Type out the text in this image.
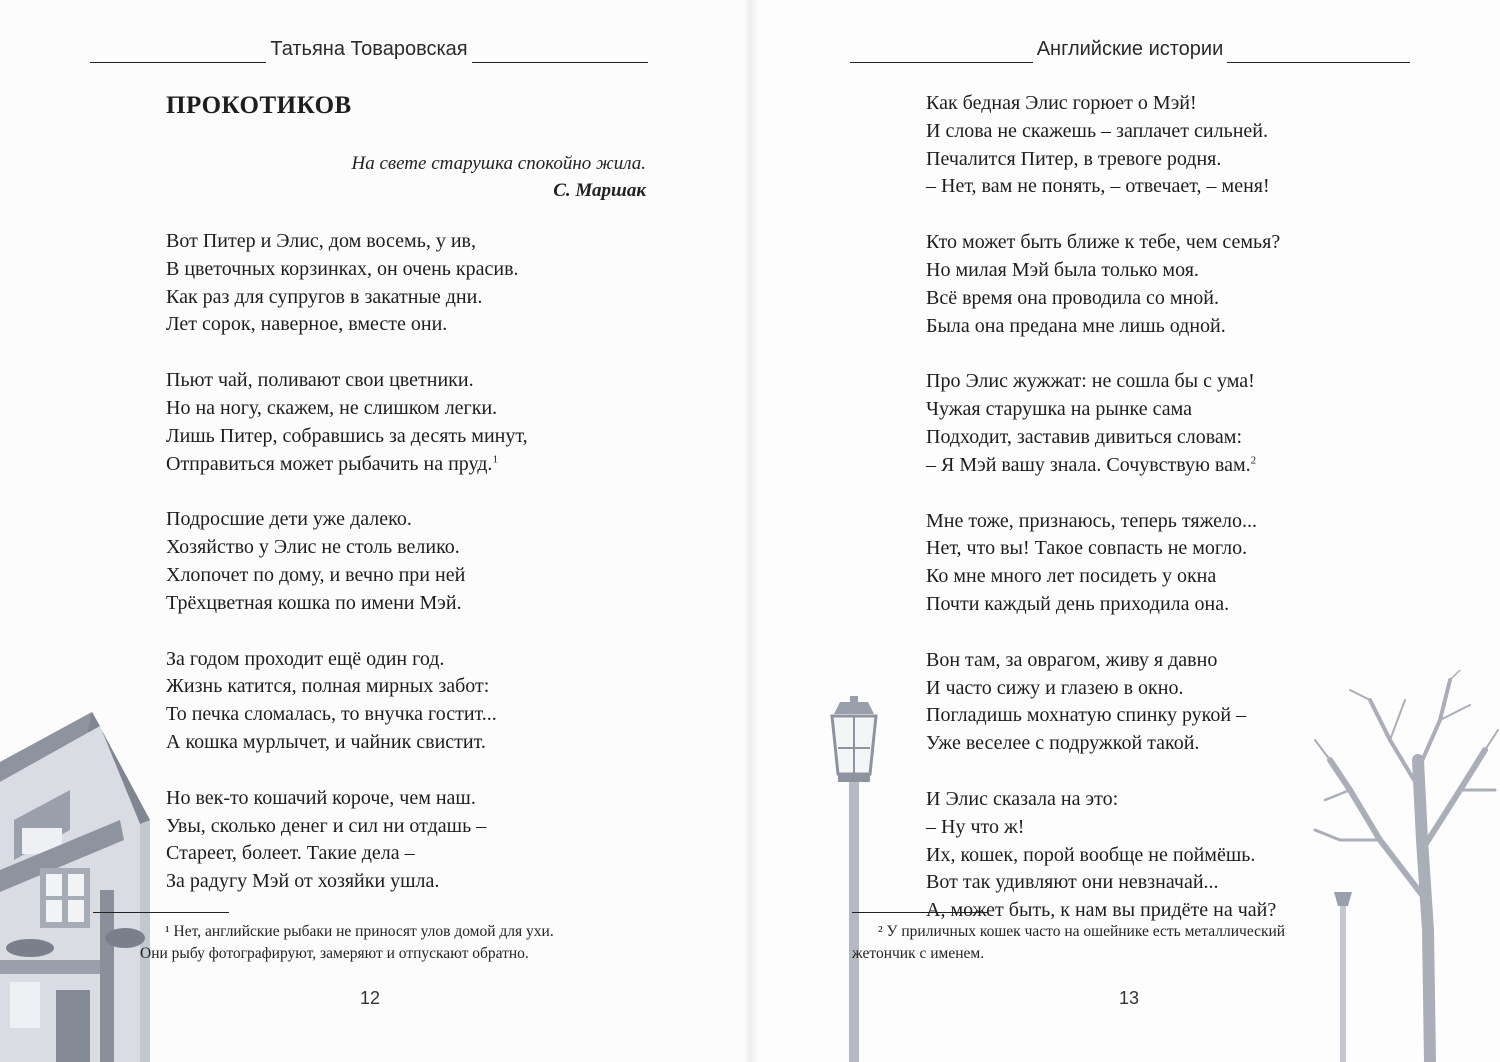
Татьяна Товаровская
ПРОКОТИКОВ
На свете старушка спокойно жила.
С. Маршак
Вот Питер и Элис, дом восемь, у ив,
В цветочных корзинках, он очень красив.
Как раз для супругов в закатные дни.
Лет сорок, наверное, вместе они.
Пьют чай, поливают свои цветники.
Но на ногу, скажем, не слишком легки.
Лишь Питер, собравшись за десять минут,
Отправиться может рыбачить на пруд.$^1$
Подросшие дети уже далеко.
Хозяйство у Элис не столь велико.
Хлопочет по дому, и вечно при ней
Трёхцветная кошка по имени Мэй.
За годом проходит ещё один год.
Жизнь катится, полная мирных забот:
То печка сломалась, то внучка гостит...
А кошка мурлычет, и чайник свистит.
Но век-то кошачий короче, чем наш.
Увы, сколько денег и сил ни отдашь –
Стареет, болеет. Такие дела –
За радугу Мэй от хозяйки ушла.
¹ Нет, английские рыбаки не приносят улов домой для ухи.
Они рыбу фотографируют, замеряют и отпускают обратно.
12
Английские истории
Как бедная Элис горюет о Мэй!
И слова не скажешь – заплачет сильней.
Печалится Питер, в тревоге родня.
– Нет, вам не понять, – отвечает, – меня!
Кто может быть ближе к тебе, чем семья?
Но милая Мэй была только моя.
Всё время она проводила со мной.
Была она предана мне лишь одной.
Про Элис жужжат: не сошла бы с ума!
Чужая старушка на рынке сама
Подходит, заставив дивиться словам:
– Я Мэй вашу знала. Сочувствую вам.$^2$
Мне тоже, признаюсь, теперь тяжело...
Нет, что вы! Такое совпасть не могло.
Ко мне много лет посидеть у окна
Почти каждый день приходила она.
Вон там, за оврагом, живу я давно
И часто сижу и глазею в окно.
Погладишь мохнатую спинку рукой –
Уже веселее с подружкой такой.
И Элис сказала на это:
– Ну что ж!
Их, кошек, порой вообще не поймёшь.
Вот так удивляют они невзначай...
А, может быть, к нам вы придёте на чай?
² У приличных кошек часто на ошейнике есть металлический
жетончик с именем.
13
